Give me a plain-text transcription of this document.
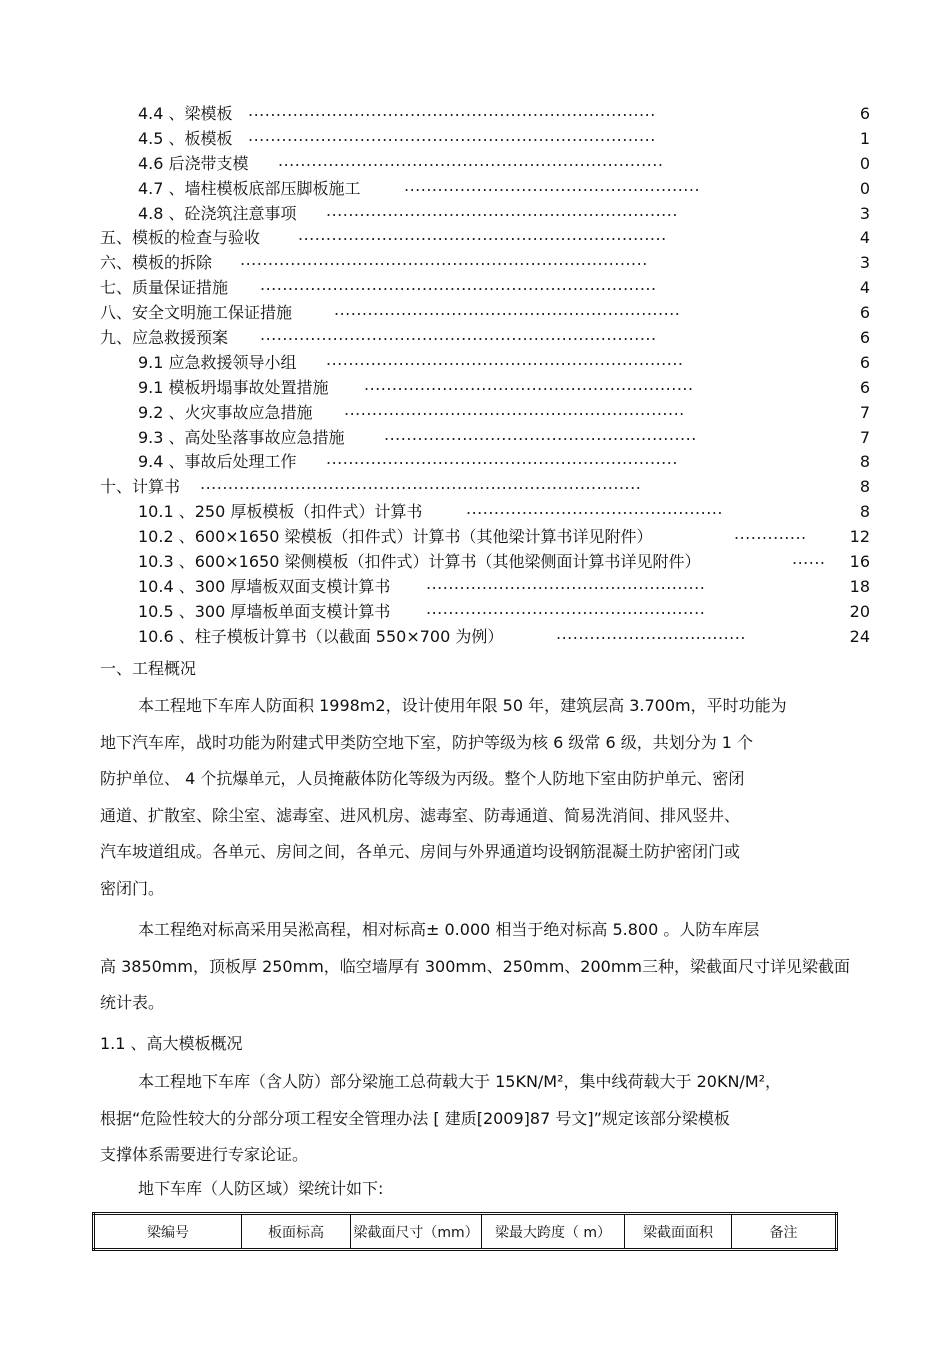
4.4 、梁模板 .........................................................................	6
4.5 、板模板 .........................................................................	1
4.6 后浇带支模 .....................................................................	0
4.7 、墙柱模板底部压脚板施工	.....................................................	0
4.8 、砼浇筑注意事项 ...............................................................	3
五、模板的检查与验收 ..................................................................	4
六、模板的拆除 .........................................................................	3
七、质量保证措施 .......................................................................	4
八、安全文明施工保证措施	..............................................................	6
九、应急救援预案 .......................................................................	6
9.1 应急救援领导小组 ................................................................	6
9.1 模板坍塌事故处置措施 ...........................................................	6
9.2 、火灾事故应急措施 .............................................................	7
9.3 、高处坠落事故应急措施 ........................................................	7
9.4 、事故后处理工作 ...............................................................	8
十、计算书 ...............................................................................	8
10.1 、250 厚板模板（扣件式）计算书	..............................................	8
10.2 、600×1650 梁模板（扣件式）计算书（其他梁计算书详见附件）	.............	12
10.3 、600×1650 梁侧模板（扣件式）计算书（其他梁侧面计算书详见附件）	...... 16
10.4 、300 厚墙板双面支模计算书 ..................................................	18
10.5 、300 厚墙板单面支模计算书 ..................................................	20
10.6 、柱子模板计算书（以截面 550×700 为例）	..................................	24
一、工程概况
本工程地下车库人防面积 1998m2，设计使用年限 50 年，建筑层高 3.700m，平时功能为
地下汽车库，战时功能为附建式甲类防空地下室，防护等级为核 6 级常 6 级，共划分为 1 个
防护单位、 4 个抗爆单元，人员掩蔽体防化等级为丙级。整个人防地下室由防护单元、密闭
通道、扩散室、除尘室、滤毒室、进风机房、滤毒室、防毒通道、简易洗消间、排风竖井、
汽车坡道组成。各单元、房间之间，各单元、房间与外界通道均设钢筋混凝土防护密闭门或
密闭门。
本工程绝对标高采用吴淞高程，相对标高± 0.000 相当于绝对标高 5.800 。人防车库层
高 3850mm，顶板厚 250mm，临空墙厚有 300mm、250mm、200mm三种，梁截面尺寸详见梁截面
统计表。
1.1 、高大模板概况
本工程地下车库（含人防）部分梁施工总荷载大于 15KN/M²，集中线荷载大于 20KN/M²，
根据“危险性较大的分部分项工程安全管理办法 [ 建质[2009]87 号文]”规定该部分梁模板
支撑体系需要进行专家论证。
地下车库（人防区域）梁统计如下:
梁编号	板面标高	梁截面尺寸（mm）	梁最大跨度（ m）	梁截面面积	备注
